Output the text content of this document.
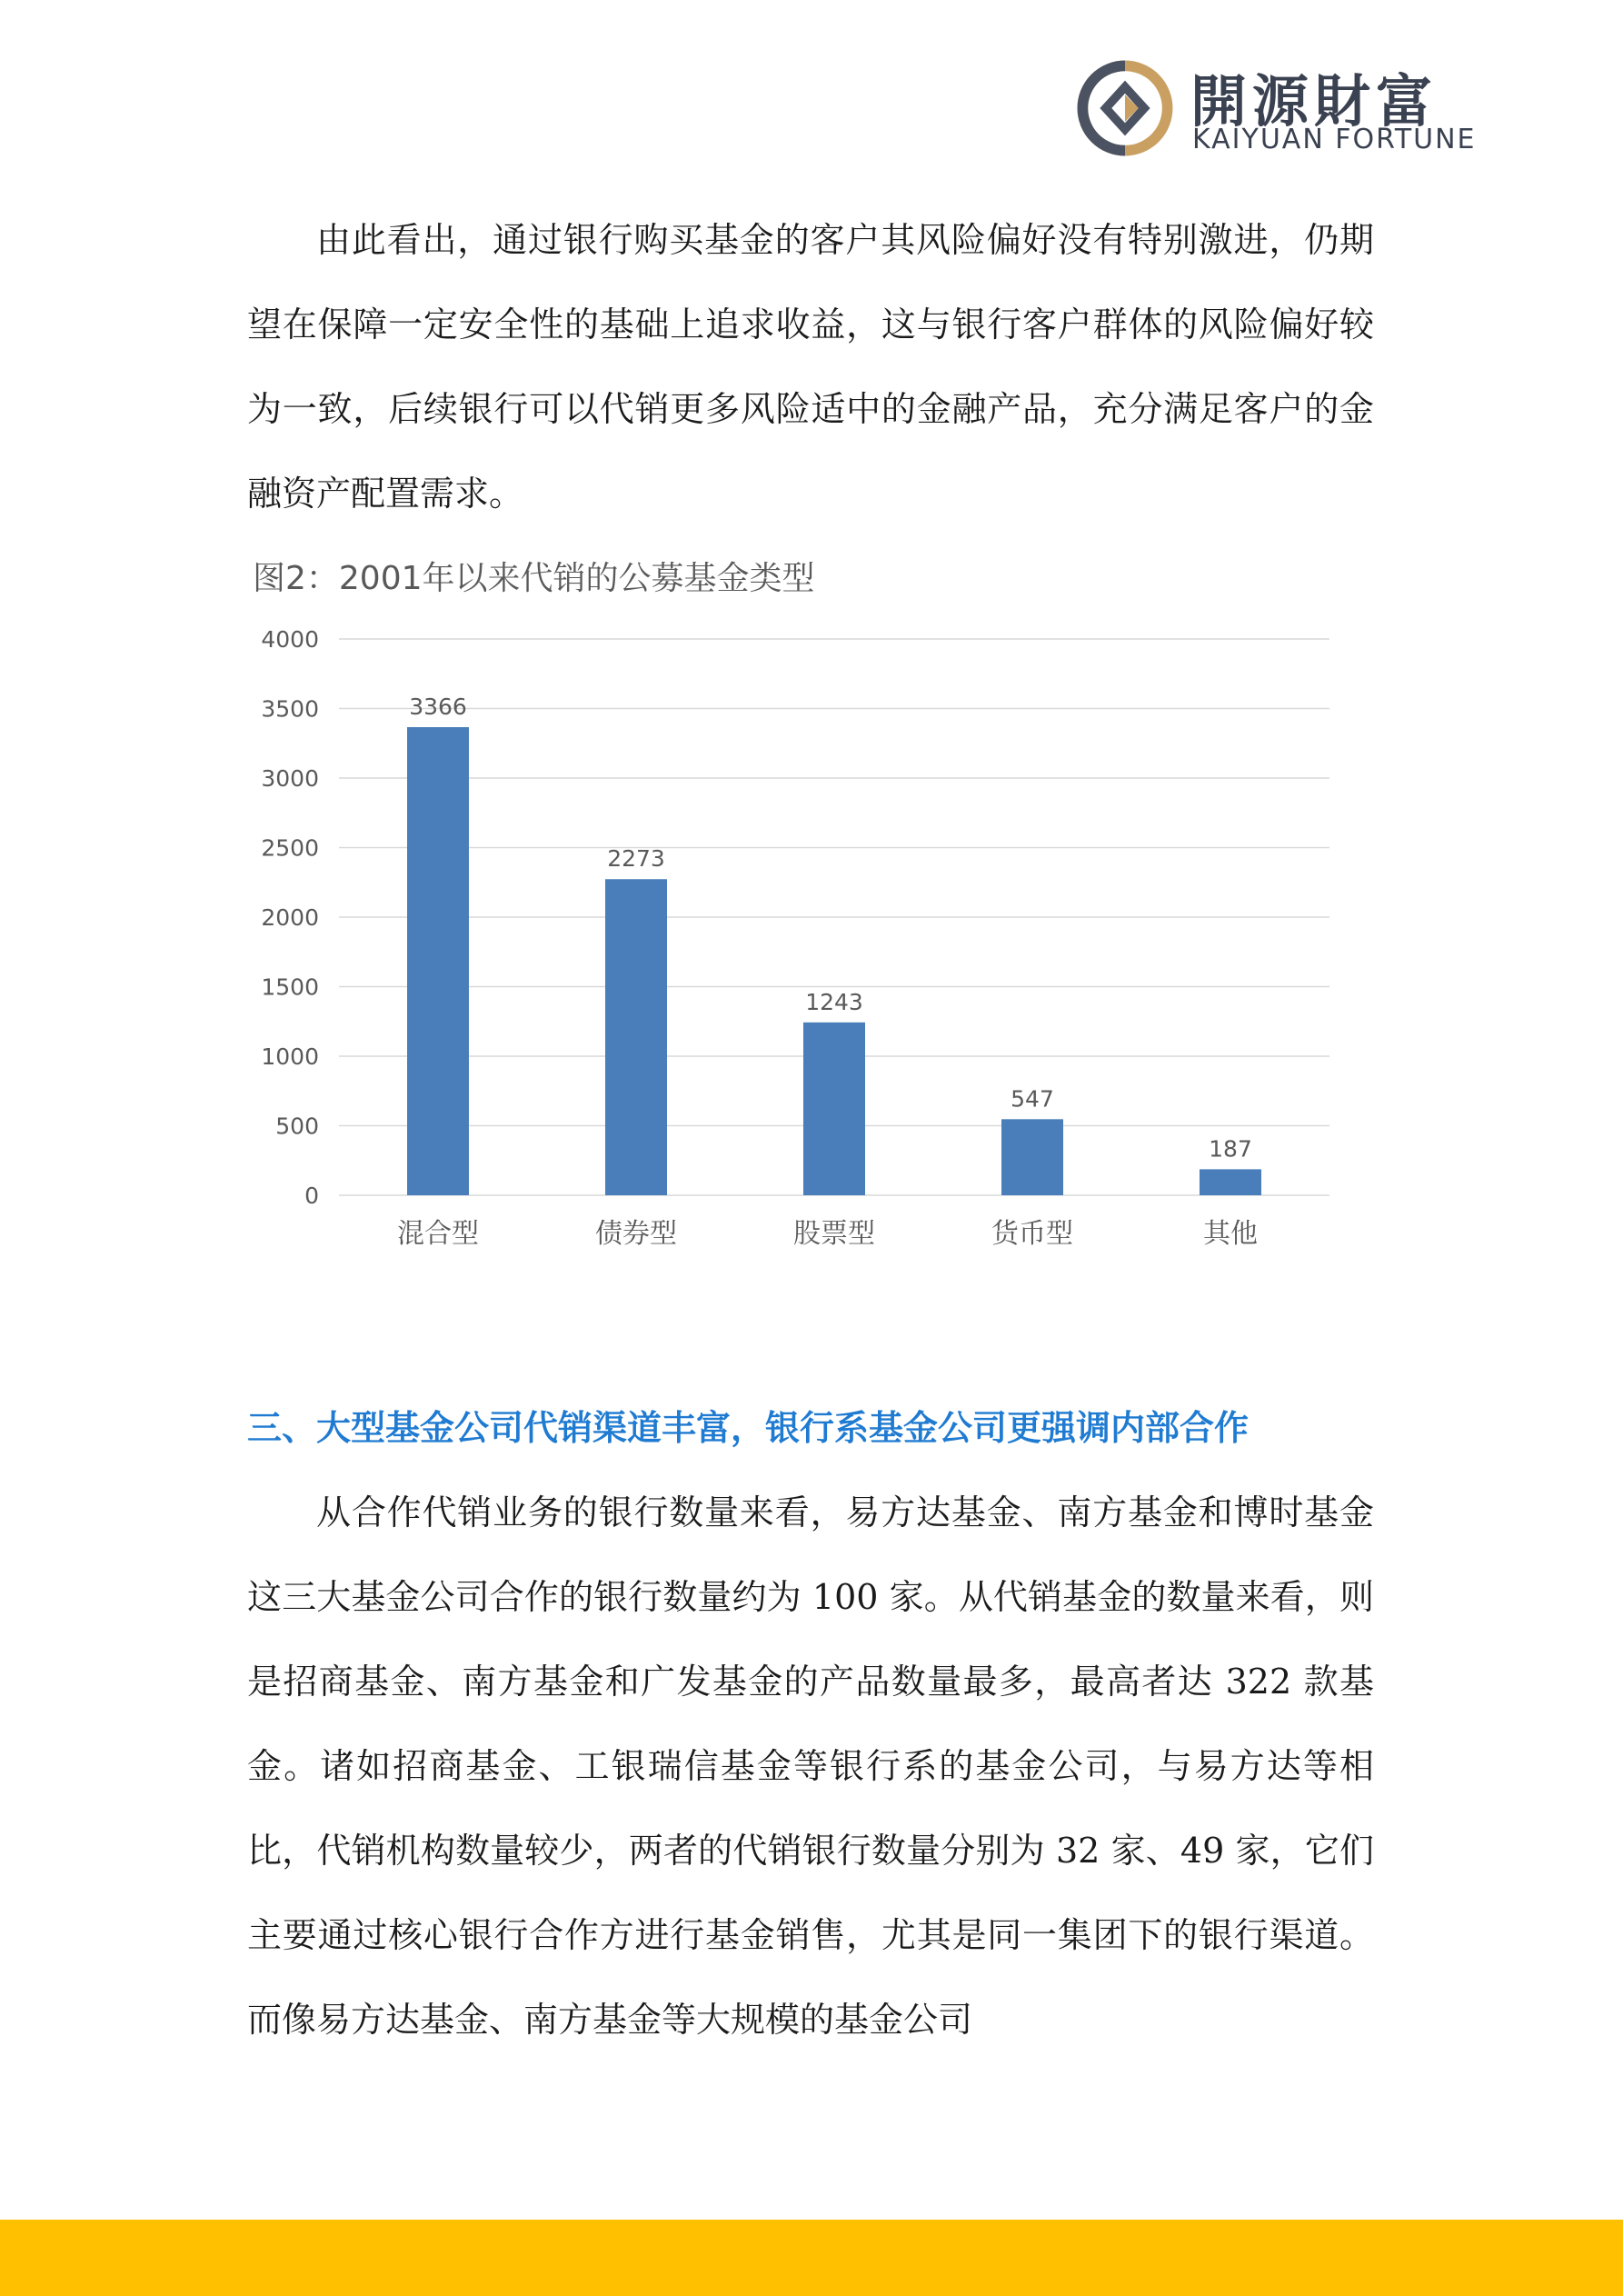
開源財富
KAIYUAN FORTUNE

由此看出，通过银行购买基金的客户其风险偏好没有特别激进，仍期望在保障一定安全性的基础上追求收益，这与银行客户群体的风险偏好较为一致，后续银行可以代销更多风险适中的金融产品，充分满足客户的金融资产配置需求。

图2：2001年以来代销的公募基金类型
0
500
1000
1500
2000
2500
3000
3500
4000
3366
混合型
2273
债券型
1243
股票型
547
货币型
187
其他
三、大型基金公司代销渠道丰富，银行系基金公司更强调内部合作

从合作代销业务的银行数量来看，易方达基金、南方基金和博时基金这三大基金公司合作的银行数量约为 100 家。从代销基金的数量来看，则是招商基金、南方基金和广发基金的产品数量最多，最高者达 322 款基金。诸如招商基金、工银瑞信基金等银行系的基金公司，与易方达等相比，代销机构数量较少，两者的代销银行数量分别为 32 家、49 家，它们主要通过核心银行合作方进行基金销售，尤其是同一集团下的银行渠道。而像易方达基金、南方基金等大规模的基金公司
